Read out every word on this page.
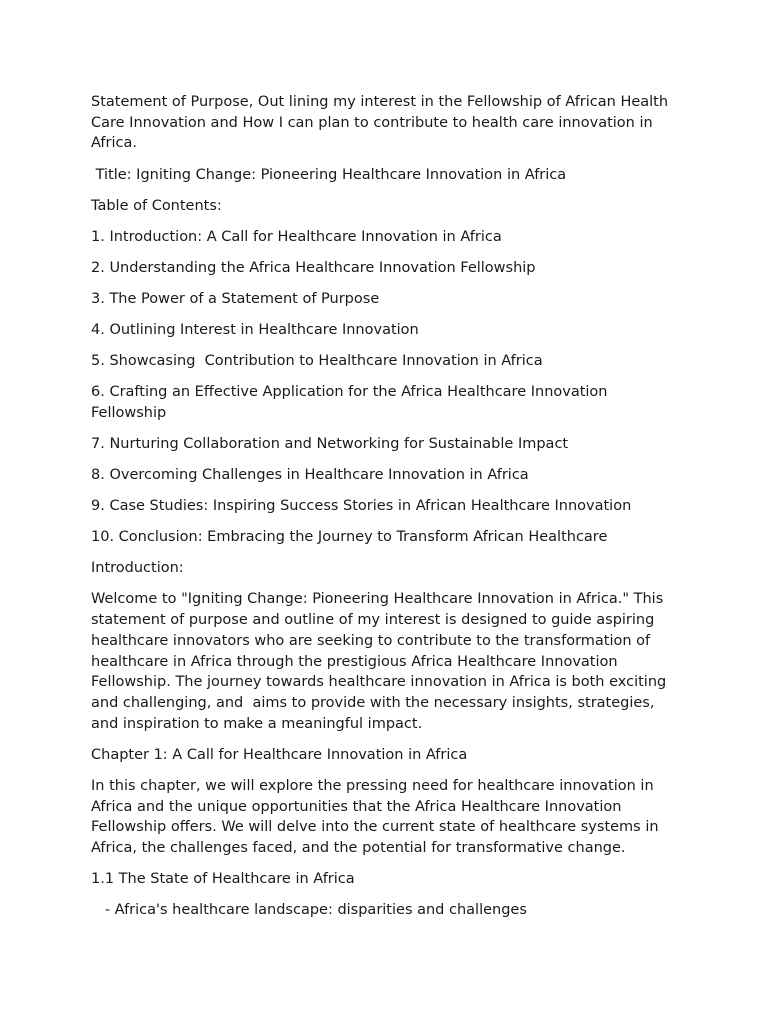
Statement of Purpose, Out lining my interest in the Fellowship of African Health Care Innovation and How I can plan to contribute to health care innovation in Africa.

Title: Igniting Change: Pioneering Healthcare Innovation in Africa

Table of Contents:

1. Introduction: A Call for Healthcare Innovation in Africa

2. Understanding the Africa Healthcare Innovation Fellowship

3. The Power of a Statement of Purpose

4. Outlining Interest in Healthcare Innovation

5. Showcasing  Contribution to Healthcare Innovation in Africa

6. Crafting an Effective Application for the Africa Healthcare Innovation Fellowship

7. Nurturing Collaboration and Networking for Sustainable Impact

8. Overcoming Challenges in Healthcare Innovation in Africa

9. Case Studies: Inspiring Success Stories in African Healthcare Innovation

10. Conclusion: Embracing the Journey to Transform African Healthcare

Introduction:

Welcome to "Igniting Change: Pioneering Healthcare Innovation in Africa." This statement of purpose and outline of my interest is designed to guide aspiring healthcare innovators who are seeking to contribute to the transformation of healthcare in Africa through the prestigious Africa Healthcare Innovation Fellowship. The journey towards healthcare innovation in Africa is both exciting and challenging, and  aims to provide with the necessary insights, strategies, and inspiration to make a meaningful impact.

Chapter 1: A Call for Healthcare Innovation in Africa

In this chapter, we will explore the pressing need for healthcare innovation in Africa and the unique opportunities that the Africa Healthcare Innovation Fellowship offers. We will delve into the current state of healthcare systems in Africa, the challenges faced, and the potential for transformative change.

1.1 The State of Healthcare in Africa

- Africa's healthcare landscape: disparities and challenges
